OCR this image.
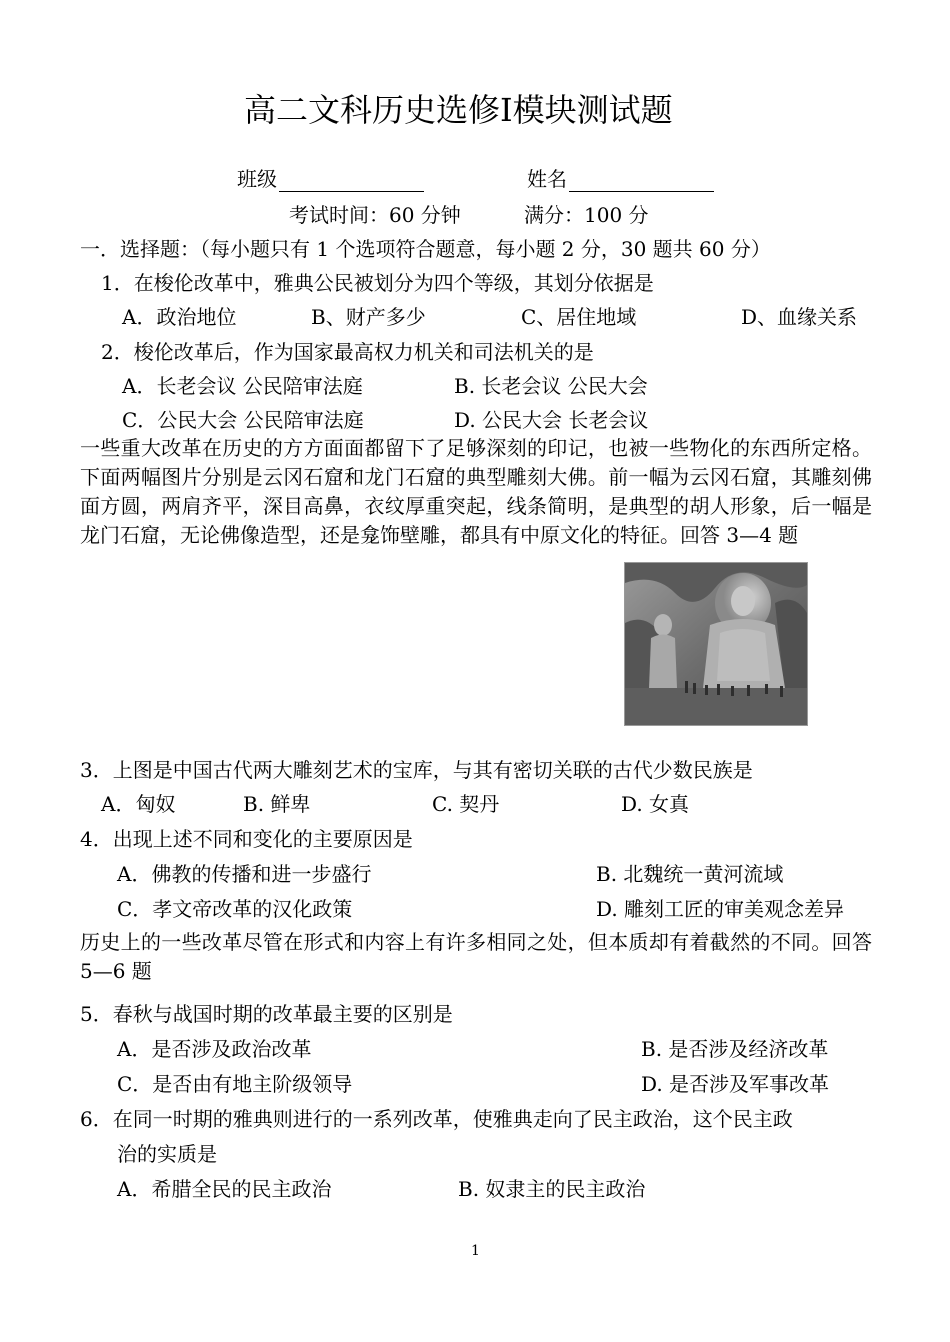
高二文科历史选修Ⅰ模块测试题
班级	姓名
考试时间：60 分钟	满分：100 分
一．选择题：（每小题只有 1 个选项符合题意，每小题 2 分，30 题共 60 分）
1．在梭伦改革中，雅典公民被划分为四个等级，其划分依据是
A．政治地位	B、财产多少	C、居住地域	D、血缘关系
2．梭伦改革后，作为国家最高权力机关和司法机关的是
A．长老会议 公民陪审法庭	B. 长老会议 公民大会
C．公民大会 公民陪审法庭	D. 公民大会 长老会议
一些重大改革在历史的方方面面都留下了足够深刻的印记，也被一些物化的东西所定格。下面两幅图片分别是云冈石窟和龙门石窟的典型雕刻大佛。前一幅为云冈石窟，其雕刻佛面方圆，两肩齐平，深目高鼻，衣纹厚重突起，线条简明，是典型的胡人形象，后一幅是龙门石窟，无论佛像造型，还是龛饰壁雕，都具有中原文化的特征。回答 3—4 题
3．上图是中国古代两大雕刻艺术的宝库，与其有密切关联的古代少数民族是
A．匈奴	B. 鲜卑	C. 契丹	D. 女真
4．出现上述不同和变化的主要原因是
A．佛教的传播和进一步盛行	B. 北魏统一黄河流域
C．孝文帝改革的汉化政策	D. 雕刻工匠的审美观念差异
历史上的一些改革尽管在形式和内容上有许多相同之处，但本质却有着截然的不同。回答 5—6 题
5．春秋与战国时期的改革最主要的区别是
A．是否涉及政治改革	B. 是否涉及经济改革
C．是否由有地主阶级领导	D. 是否涉及军事改革
6．在同一时期的雅典则进行的一系列改革，使雅典走向了民主政治，这个民主政
治的实质是
A．希腊全民的民主政治	B. 奴隶主的民主政治
1
